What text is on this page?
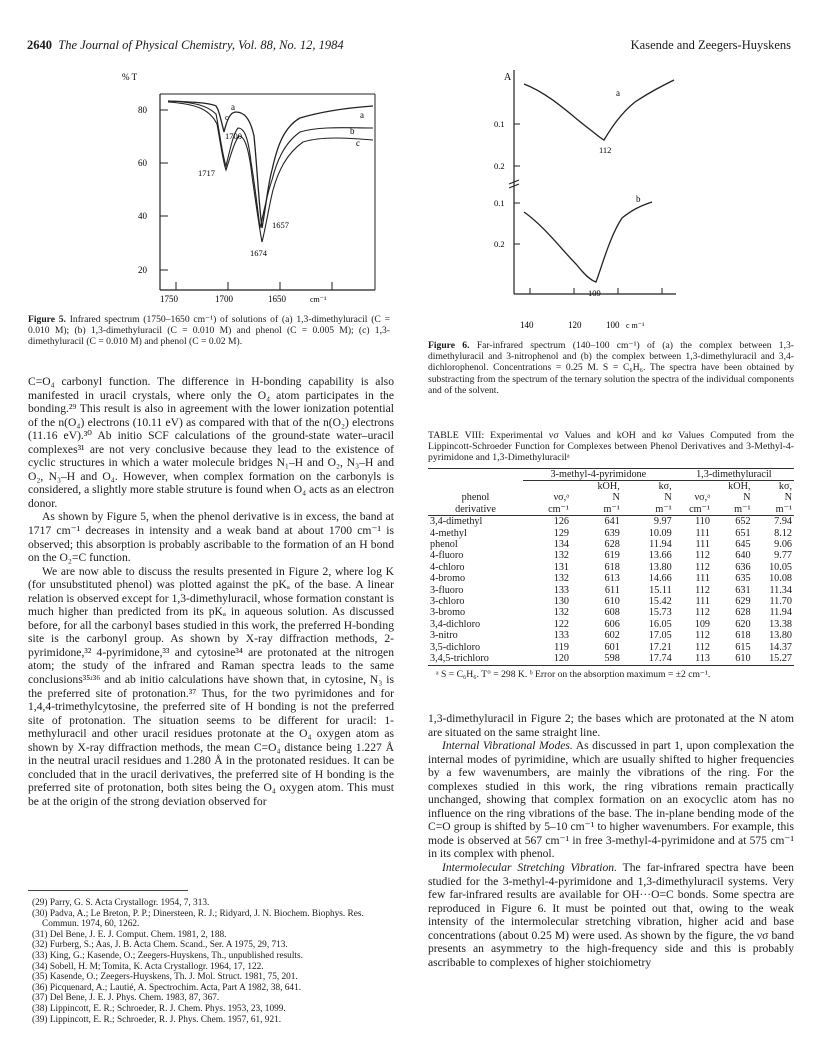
2640 The Journal of Physical Chemistry, Vol. 88, No. 12, 1984	Kasende and Zeegers-Huyskens
% T
80
60
40
20
1750	1700	1650	cm⁻¹
a
c
b
c
a
1717
1700
1674
1657

Figure 5. Infrared spectrum (1750–1650 cm⁻¹) of solutions of (a) 1,3-dimethyluracil (C = 0.010 M); (b) 1,3-dimethyluracil (C = 0.010 M) and phenol (C = 0.005 M); (c) 1,3-dimethyluracil (C = 0.010 M) and phenol (C = 0.02 M).

A
0.1
0.2
0.1
0.2
140	120	100 c m⁻¹
a
b
112
109

Figure 6. Far-infrared spectrum (140–100 cm⁻¹) of (a) the complex between 1,3-dimethyluracil and 3-nitrophenol and (b) the complex between 1,3-dimethyluracil and 3,4-dichlorophenol. Concentrations = 0.25 M. S = C₆H₆. The spectra have been obtained by substracting from the spectrum of the ternary solution the spectra of the individual components and of the solvent.

C=O₄ carbonyl function. The difference in H-bonding capability is also manifested in uracil crystals, where only the O₄ atom participates in the bonding.²⁹ This result is also in agreement with the lower ionization potential of the n(O₄) electrons (10.11 eV) as compared with that of the n(O₂) electrons (11.16 eV).³⁰ Ab initio SCF calculations of the ground-state water–uracil complexes³¹ are not very conclusive because they lead to the existence of cyclic structures in which a water molecule bridges N₁–H and O₂, N₃–H and O₂, N₃–H and O₄. However, when complex formation on the carbonyls is considered, a slightly more stable struture is found when O₄ acts as an electron donor.

As shown by Figure 5, when the phenol derivative is in excess, the band at 1717 cm⁻¹ decreases in intensity and a weak band at about 1700 cm⁻¹ is observed; this absorption is probably ascribable to the formation of an H bond on the O₂=C function.

We are now able to discuss the results presented in Figure 2, where log K (for unsubstituted phenol) was plotted against the pKₐ of the base. A linear relation is observed except for 1,3-dimethyluracil, whose formation constant is much higher than predicted from its pKₐ in aqueous solution. As discussed before, for all the carbonyl bases studied in this work, the preferred H-bonding site is the carbonyl group. As shown by X-ray diffraction methods, 2-pyrimidone,³² 4-pyrimidone,³³ and cytosine³⁴ are protonated at the nitrogen atom; the study of the infrared and Raman spectra leads to the same conclusions³⁵ʴ³⁶ and ab initio calculations have shown that, in cytosine, N₃ is the preferred site of protonation.³⁷ Thus, for the two pyrimidones and for 1,4,4-trimethylcytosine, the preferred site of H bonding is not the preferred site of protonation. The situation seems to be different for uracil: 1-methyluracil and other uracil residues protonate at the O₄ oxygen atom as shown by X-ray diffraction methods, the mean C=O₄ distance being 1.227 Å in the neutral uracil residues and 1.280 Å in the protonated residues. It can be concluded that in the uracil derivatives, the preferred site of H bonding is the preferred site of protonation, both sites being the O₄ oxygen atom. This must be at the origin of the strong deviation observed for

(29) Parry, G. S. Acta Crystallogr. 1954, 7, 313.
(30) Padva, A.; Le Breton, P. P.; Dinersteen, R. J.; Ridyard, J. N. Biochem. Biophys. Res. Commun. 1974, 60, 1262.
(31) Del Bene, J. E. J. Comput. Chem. 1981, 2, 188.
(32) Furberg, S.; Aas, J. B. Acta Chem. Scand., Ser. A 1975, 29, 713.
(33) King, G.; Kasende, O.; Zeegers-Huyskens, Th., unpublished results.
(34) Sobell, H. M; Tomita, K. Acta Crystallogr. 1964, 17, 122.
(35) Kasende, O.; Zeegers-Huyskens, Th. J. Mol. Struct. 1981, 75, 201.
(36) Picquenard, A.; Lautié, A. Spectrochim. Acta, Part A 1982, 38, 641.
(37) Del Bene, J. E. J. Phys. Chem. 1983, 87, 367.
(38) Lippincott, E. R.; Schroeder, R. J. Chem. Phys. 1953, 23, 1099.
(39) Lippincott, E. R.; Schroeder, R. J. Phys. Chem. 1957, 61, 921.

TABLE VIII: Experimental νσ Values and kOH and kσ Values Computed from the Lippincott-Schroeder Function for Complexes between Phenol Derivatives and 3-Methyl-4-pyrimidone and 1,3-Dimethyluracilᵃ

	3-methyl-4-pyrimidone			1,3-dimethyluracil		
		kOH,	kσ,		kOH,	kσ,
phenol	νσ,ᵃ	N	N	νσ,ᵃ	N	N
derivative	cm⁻¹	m⁻¹	m⁻¹	cm⁻¹	m⁻¹	m⁻¹
3,4-dimethyl	126	641	9.97	110	652	7.94
4-methyl	129	639	10.09	111	651	8.12
phenol	134	628	11.94	111	645	9.06
4-fluoro	132	619	13.66	112	640	9.77
4-chloro	131	618	13.80	112	636	10.05
4-bromo	132	613	14.66	111	635	10.08
3-fluoro	133	611	15.11	112	631	11.34
3-chloro	130	610	15.42	111	629	11.70
3-bromo	132	608	15.73	112	628	11.94
3,4-dichloro	122	606	16.05	109	620	13.38
3-nitro	133	602	17.05	112	618	13.80
3,5-dichloro	119	601	17.21	112	615	14.37
3,4,5-trichloro	120	598	17.74	113	610	15.27

ᵃ S = C₆H₆. T° = 298 K. ᵇ Error on the absorption maximum = ±2 cm⁻¹.

1,3-dimethyluracil in Figure 2; the bases which are protonated at the N atom are situated on the same straight line.

Internal Vibrational Modes. As discussed in part 1, upon complexation the internal modes of pyrimidine, which are usually shifted to higher frequencies by a few wavenumbers, are mainly the vibrations of the ring. For the complexes studied in this work, the ring vibrations remain practically unchanged, showing that complex formation on an exocyclic atom has no influence on the ring vibrations of the base. The in-plane bending mode of the C=O group is shifted by 5–10 cm⁻¹ to higher wavenumbers. For example, this mode is observed at 567 cm⁻¹ in free 3-methyl-4-pyrimidone and at 575 cm⁻¹ in its complex with phenol.

Intermolecular Stretching Vibration. The far-infrared spectra have been studied for the 3-methyl-4-pyrimidone and 1,3-dimethyluracil systems. Very few far-infrared results are available for OH···O=C bonds. Some spectra are reproduced in Figure 6. It must be pointed out that, owing to the weak intensity of the intermolecular stretching vibration, higher acid and base concentrations (about 0.25 M) were used. As shown by the figure, the νσ band presents an asymmetry to the high-frequency side and this is probably ascribable to complexes of higher stoichiometry
